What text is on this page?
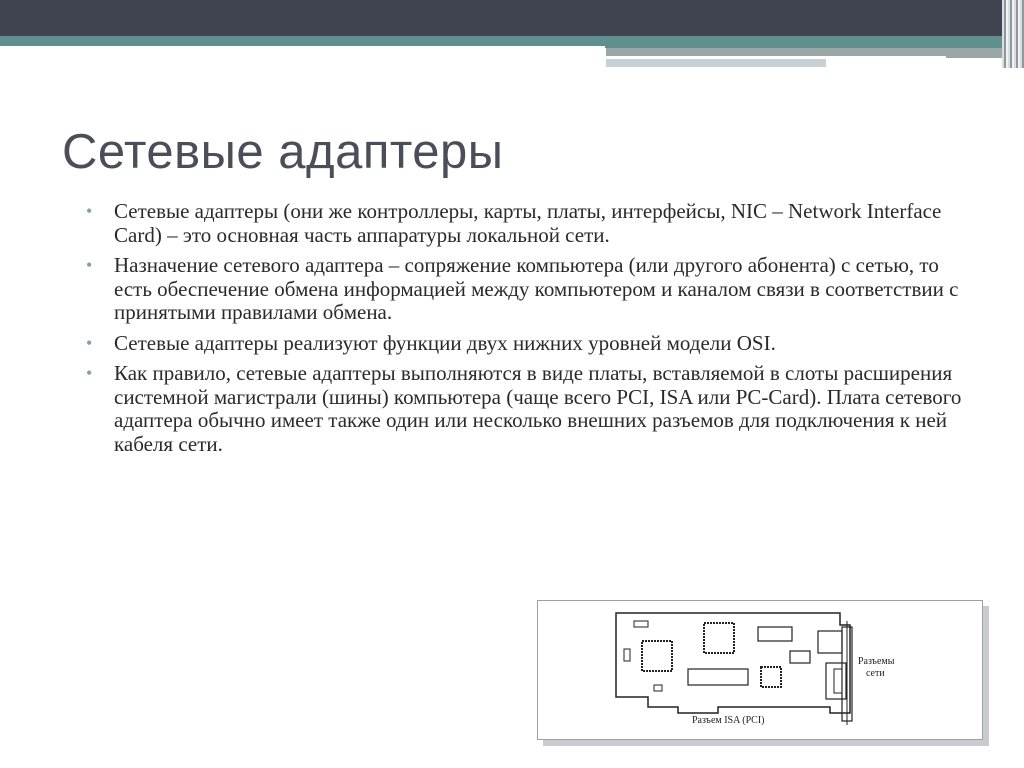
Сетевые адаптеры
• Сетевые адаптеры (они же контроллеры, карты, платы, интерфейсы, NIC – Network Interface Card) – это основная часть аппаратуры локальной сети.
• Назначение сетевого адаптера – сопряжение компьютера (или другого абонента) с сетью, то есть обеспечение обмена информацией между компьютером и каналом связи в соответствии с принятыми правилами обмена.
• Сетевые адаптеры реализуют функции двух нижних уровней модели OSI.
• Как правило, сетевые адаптеры выполняются в виде платы, вставляемой в слоты расширения системной магистрали (шины) компьютера (чаще всего PCI, ISA или PC-Card). Плата сетевого адаптера обычно имеет также один или несколько внешних разъемов для подключения к ней кабеля сети.
Разъемы
сети
Разъем ISA (PCI)
